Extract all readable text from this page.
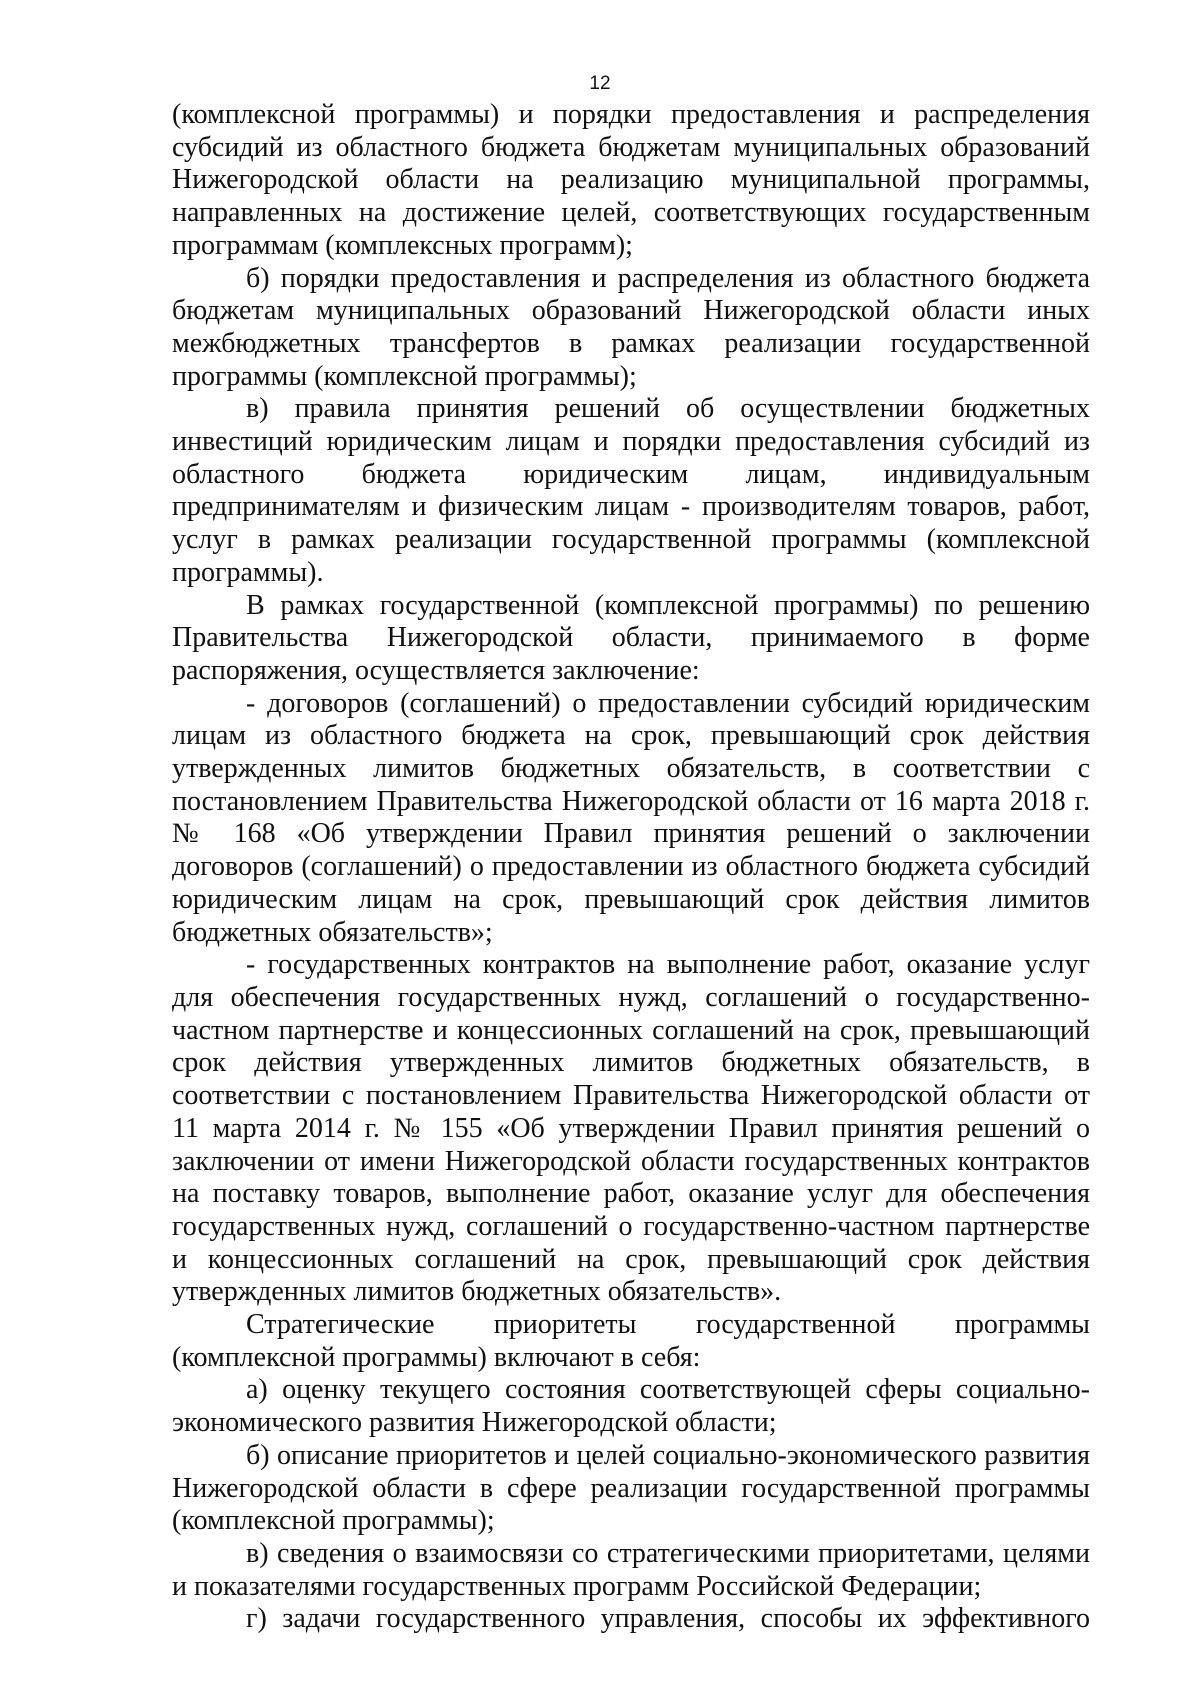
12

(комплексной программы) и порядки предоставления и распределения субсидий из областного бюджета бюджетам муниципальных образований Нижегородской области на реализацию муниципальной программы, направленных на достижение целей, соответствующих государственным программам (комплексных программ);

б) порядки предоставления и распределения из областного бюджета бюджетам муниципальных образований Нижегородской области иных межбюджетных трансфертов в рамках реализации государственной программы (комплексной программы);

в) правила принятия решений об осуществлении бюджетных инвестиций юридическим лицам и порядки предоставления субсидий из областного бюджета юридическим лицам, индивидуальным предпринимателям и физическим лицам - производителям товаров, работ, услуг в рамках реализации государственной программы (комплексной программы).

В рамках государственной (комплексной программы) по решению Правительства Нижегородской области, принимаемого в форме распоряжения, осуществляется заключение:

- договоров (соглашений) о предоставлении субсидий юридическим лицам из областного бюджета на срок, превышающий срок действия утвержденных лимитов бюджетных обязательств, в соответствии с постановлением Правительства Нижегородской области от 16 марта 2018 г. № 168 «Об утверждении Правил принятия решений о заключении договоров (соглашений) о предоставлении из областного бюджета субсидий юридическим лицам на срок, превышающий срок действия лимитов бюджетных обязательств»;

- государственных контрактов на выполнение работ, оказание услуг для обеспечения государственных нужд, соглашений о государственно-частном партнерстве и концессионных соглашений на срок, превышающий срок действия утвержденных лимитов бюджетных обязательств, в соответствии с постановлением Правительства Нижегородской области от 11 марта 2014 г. № 155 «Об утверждении Правил принятия решений о заключении от имени Нижегородской области государственных контрактов на поставку товаров, выполнение работ, оказание услуг для обеспечения государственных нужд, соглашений о государственно-частном партнерстве и концессионных соглашений на срок, превышающий срок действия утвержденных лимитов бюджетных обязательств».

Стратегические приоритеты государственной программы (комплексной программы) включают в себя:

а) оценку текущего состояния соответствующей сферы социально-экономического развития Нижегородской области;

б) описание приоритетов и целей социально-экономического развития Нижегородской области в сфере реализации государственной программы (комплексной программы);

в) сведения о взаимосвязи со стратегическими приоритетами, целями и показателями государственных программ Российской Федерации;

г) задачи государственного управления, способы их эффективного
